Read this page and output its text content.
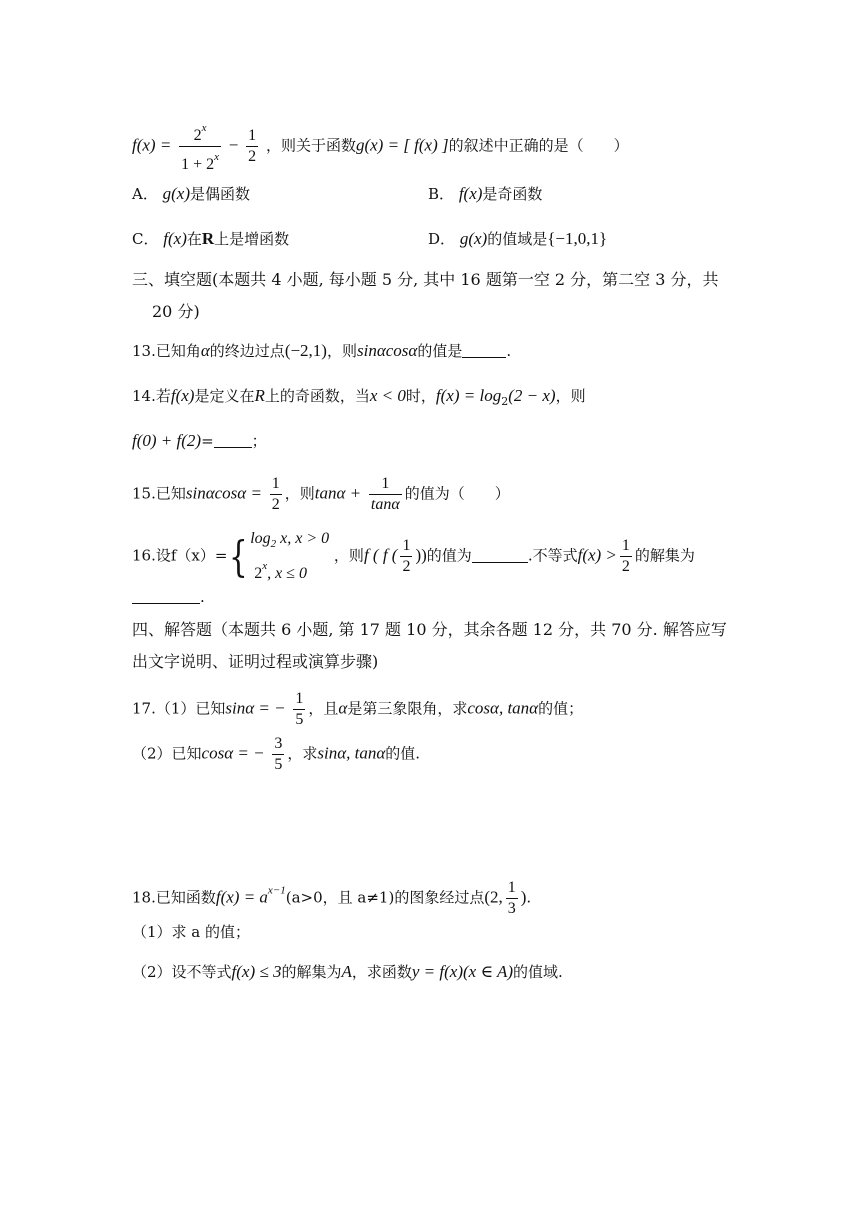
$f(x) = \frac{2^x}{1 + 2^x} - \frac{1}{2}$ ，则关于函数g(x) = [ f(x) ]的叙述中正确的是（　　）
A． g(x)是偶函数	B． f(x)是奇函数
C． f(x)在R上是增函数	D． g(x)的值域是{−1,0,1}
三、填空题(本题共 4 小题, 每小题 5 分, 其中 16 题第一空 2 分，第二空 3 分，共
20 分)
13.已知角α的终边过点(−2,1)，则sinαcosα的值是	.
14.若f(x)是定义在R上的奇函数，当x < 0时，$f(x) = \log_2(2 - x)$，则
f(0) + f(2)=	；
15.已知$\sin\alpha\cos\alpha = \frac{1}{2}$ ，则$\tan\alpha + \frac{1}{\tan\alpha}$ 的值为（　　）
16.设f（x）={ $\log_2 x$, x > 0
2$^x$, x ≤ 0
，则f ( f ( $\frac{1}{2}$ ))的值为	.不等式$f(x) > \frac{1}{2}$ 的解集为
.
四、解答题（本题共 6 小题, 第 17 题 10 分，其余各题 12 分，共 70 分. 解答应写
出文字说明、证明过程或演算步骤)
17.（1）已知sinα = − $\frac{1}{5}$ ，且α是第三象限角，求cosα, tanα的值；
（2）已知cosα = − $\frac{3}{5}$ ，求sinα, tanα的值.
18.已知函数$f(x) = a^{x-1}(a>0$，且 a≠1)的图象经过点(2, $\frac{1}{3}$ ).
（1）求 a 的值；
（2）设不等式f(x) ≤ 3的解集为A，求函数y = f(x)(x ∈ A)的值域.
